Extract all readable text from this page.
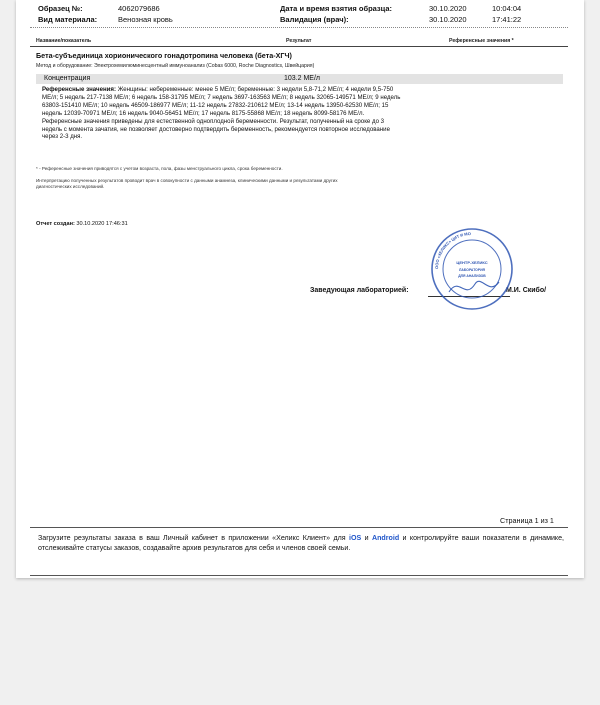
Образец №:	4062079686
Вид материала:	Венозная кровь
Дата и время взятия образца:	30.10.2020	10:04:04
Валидация (врач):	30.10.2020	17:41:22
Название/показатель	Результат	Референсные значения *
Бета-субъединица хорионического гонадотропина человека (бета-ХГЧ)
Метод и оборудование: Электрохемилюминесцентный иммуноанализ (Cobas 6000, Roche Diagnostics, Швейцария)
Концентрация	103.2 МЕ/л
Референсные значения: Женщины: небеременные: менее 5 МЕ/л; беременные: 3 недели 5,8-71,2 МЕ/л; 4 недели 9,5-750
МЕ/л; 5 недель 217-7138 МЕ/л; 6 недель 158-31795 МЕ/л; 7 недель 3697-163563 МЕ/л; 8 недель 32065-149571 МЕ/л; 9 недель
63803-151410 МЕ/л; 10 недель 46509-186977 МЕ/л; 11-12 недель 27832-210612 МЕ/л; 13-14 недель 13950-62530 МЕ/л; 15
недель 12039-70971 МЕ/л; 16 недель 9040-56451 МЕ/л; 17 недель 8175-55868 МЕ/л; 18 недель 8099-58176 МЕ/л.
Референсные значения приведены для естественной одноплодной беременности. Результат, полученный на сроке до 3
недель с момента зачатия, не позволяет достоверно подтвердить беременность, рекомендуется повторное исследование
через 2-3 дня.
* - Референсные значения приводятся с учетом возраста, пола, фазы менструального цикла, срока беременности.
Интерпретацию полученных результатов проводит врач в совокупности с данными анамнеза, клиническими данными и результатами других
диагностических исследований.
Отчет создан: 30.10.2020 17:46:31
Заведующая лабораторией:	М.И. Скибо/
ООО «ХЕЛИКС» ЦИТ И МО
ЦЕНТР-ХЕЛИКС
ЛАБОРАТОРИЯ
ДЛЯ АНАЛИЗОВ
Страница 1 из 1
Загрузите результаты заказа в ваш Личный кабинет в приложении «Хеликс Клиент» для iOS и Android и контролируйте ваши показатели в динамике, отслеживайте статусы заказов, создавайте архив результатов для себя и членов своей семьи.
